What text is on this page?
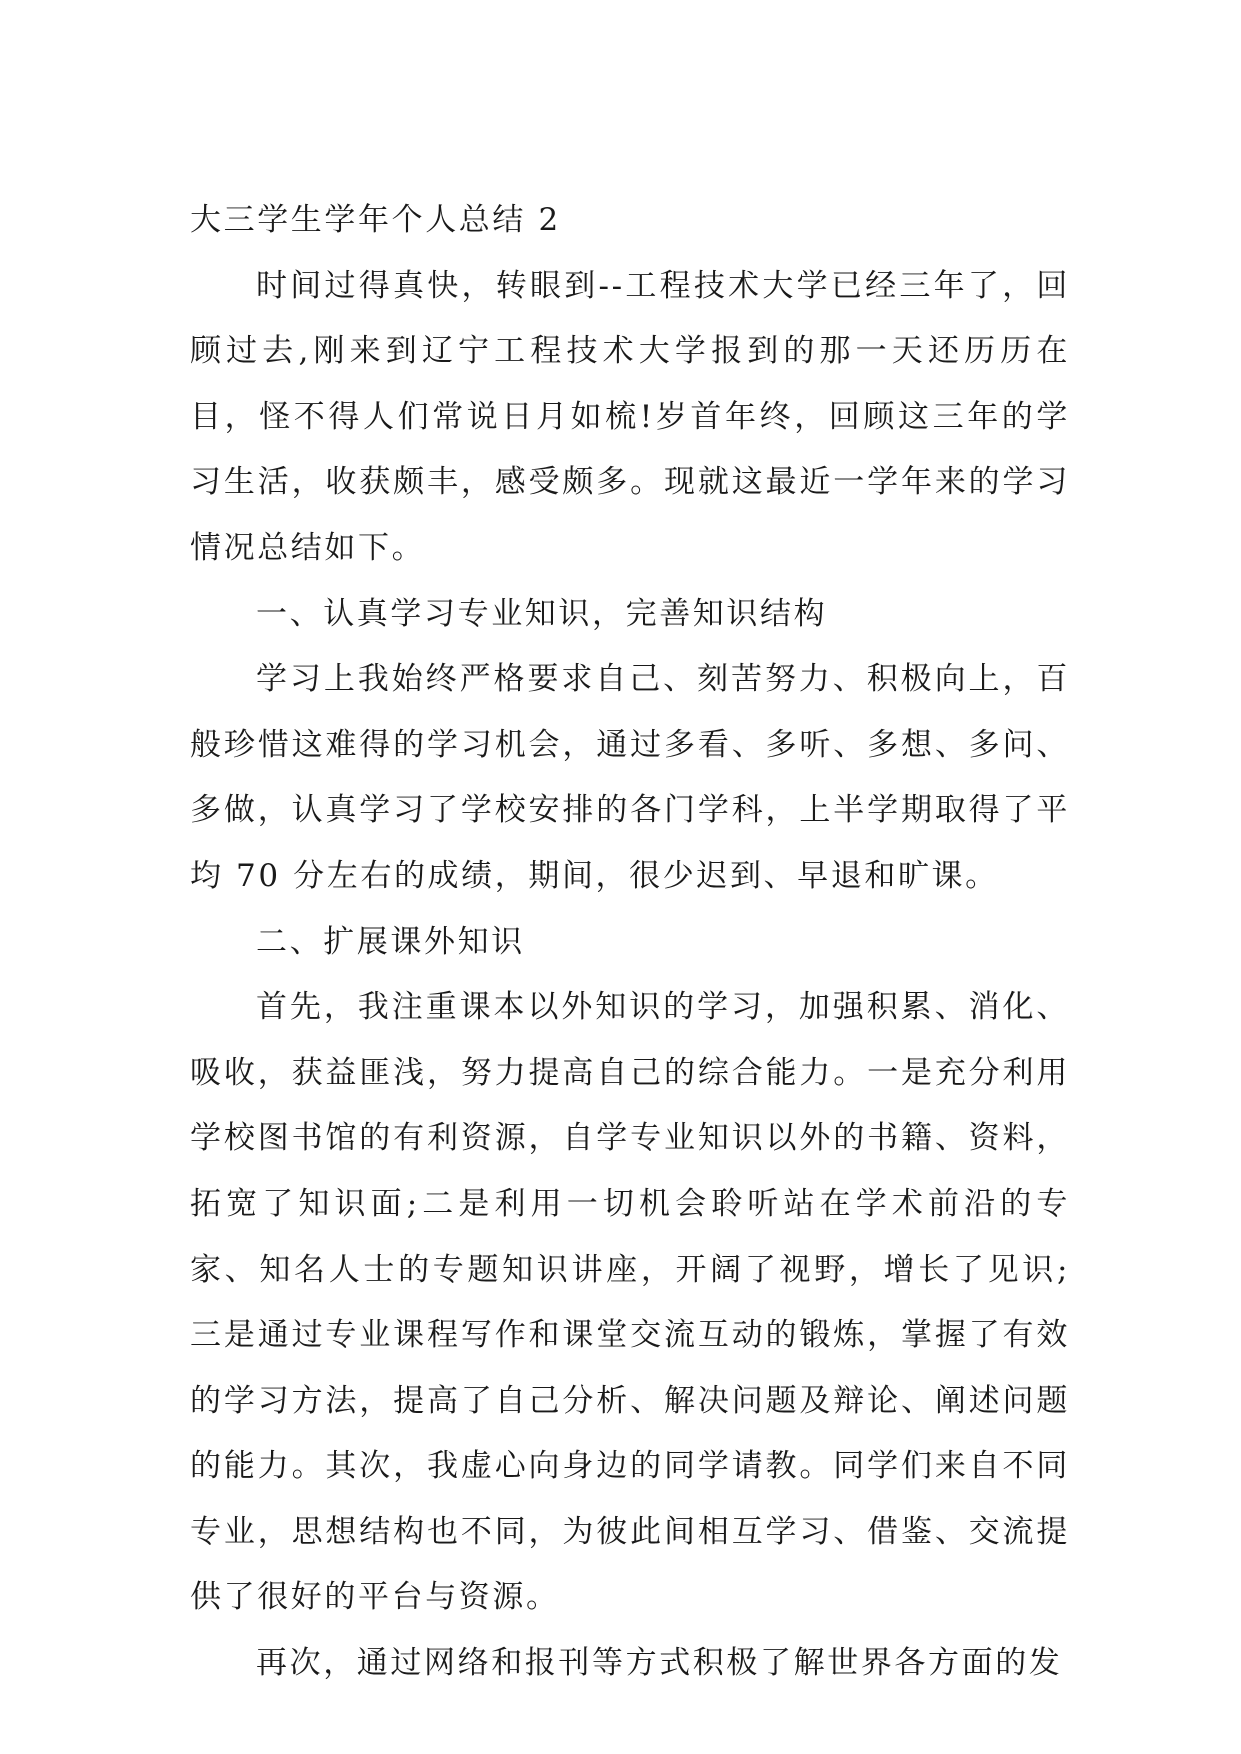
大三学生学年个人总结 2

时间过得真快，转眼到--工程技术大学已经三年了，回顾过去,刚来到辽宁工程技术大学报到的那一天还历历在目，怪不得人们常说日月如梳!岁首年终，回顾这三年的学习生活，收获颇丰，感受颇多。现就这最近一学年来的学习情况总结如下。

一、认真学习专业知识，完善知识结构

学习上我始终严格要求自己、刻苦努力、积极向上，百般珍惜这难得的学习机会，通过多看、多听、多想、多问、多做，认真学习了学校安排的各门学科，上半学期取得了平均 70 分左右的成绩，期间，很少迟到、早退和旷课。

二、扩展课外知识

首先，我注重课本以外知识的学习，加强积累、消化、吸收，获益匪浅，努力提高自己的综合能力。一是充分利用学校图书馆的有利资源，自学专业知识以外的书籍、资料，拓宽了知识面;二是利用一切机会聆听站在学术前沿的专家、知名人士的专题知识讲座，开阔了视野，增长了见识;三是通过专业课程写作和课堂交流互动的锻炼，掌握了有效的学习方法，提高了自己分析、解决问题及辩论、阐述问题的能力。其次，我虚心向身边的同学请教。同学们来自不同专业，思想结构也不同，为彼此间相互学习、借鉴、交流提供了很好的平台与资源。

再次，通过网络和报刊等方式积极了解世界各方面的发
